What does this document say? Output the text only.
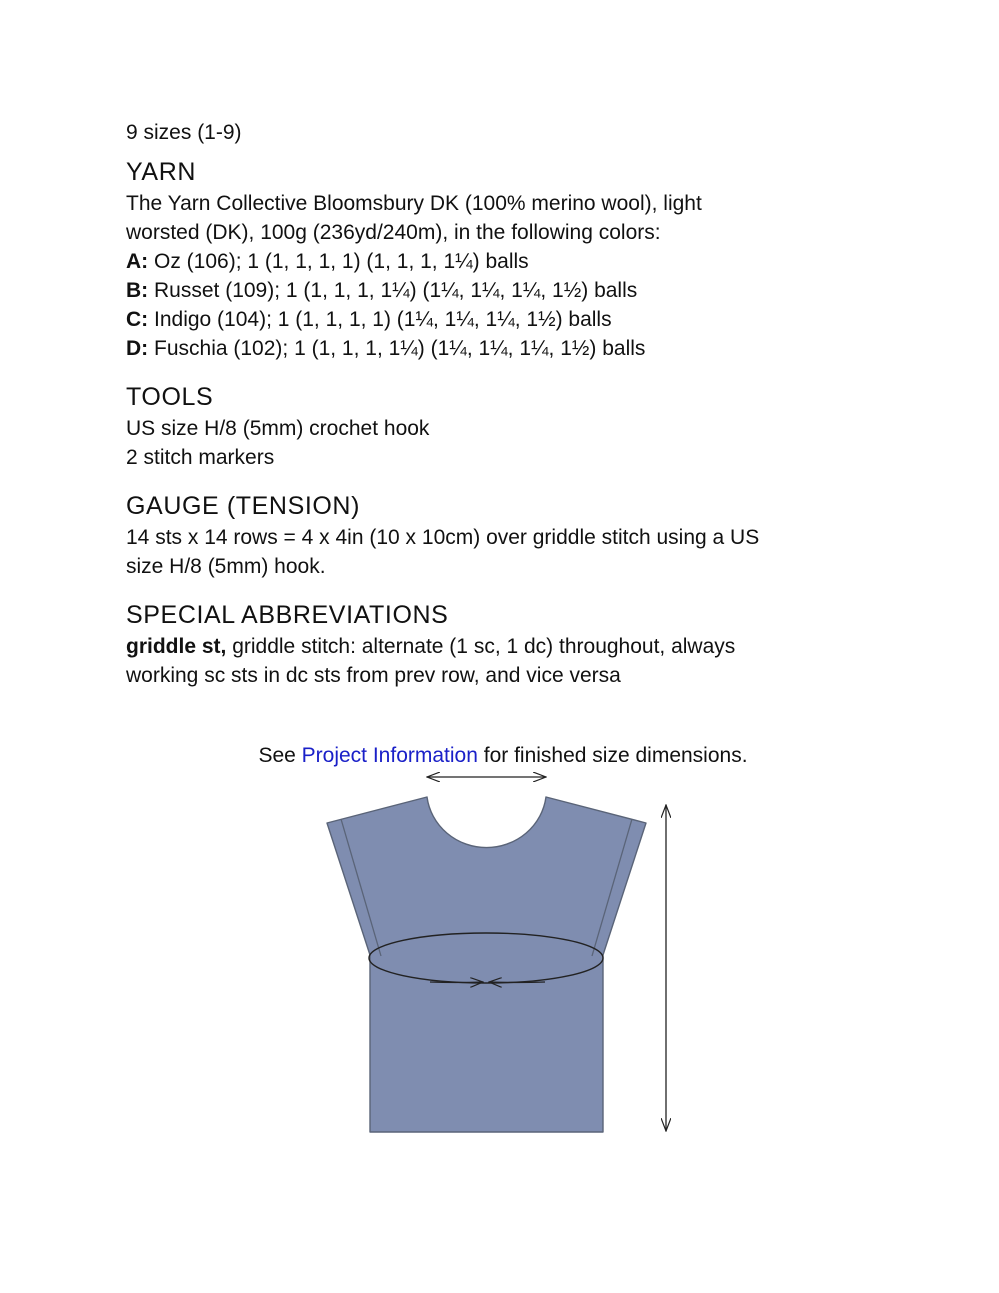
9 sizes (1-9)

YARN

The Yarn Collective Bloomsbury DK (100% merino wool), light

worsted (DK), 100g (236yd/240m), in the following colors:

A: Oz (106); 1 (1, 1, 1, 1) (1, 1, 1, 1¼) balls

B: Russet (109); 1 (1, 1, 1, 1¼) (1¼, 1¼, 1¼, 1½) balls

C: Indigo (104); 1 (1, 1, 1, 1) (1¼, 1¼, 1¼, 1½) balls

D: Fuschia (102); 1 (1, 1, 1, 1¼) (1¼, 1¼, 1¼, 1½) balls

TOOLS

US size H/8 (5mm) crochet hook

2 stitch markers

GAUGE (TENSION)

14 sts x 14 rows = 4 x 4in (10 x 10cm) over griddle stitch using a US

size H/8 (5mm) hook.

SPECIAL ABBREVIATIONS

griddle st, griddle stitch: alternate (1 sc, 1 dc) throughout, always

working sc sts in dc sts from prev row, and vice versa

See Project Information for finished size dimensions.
